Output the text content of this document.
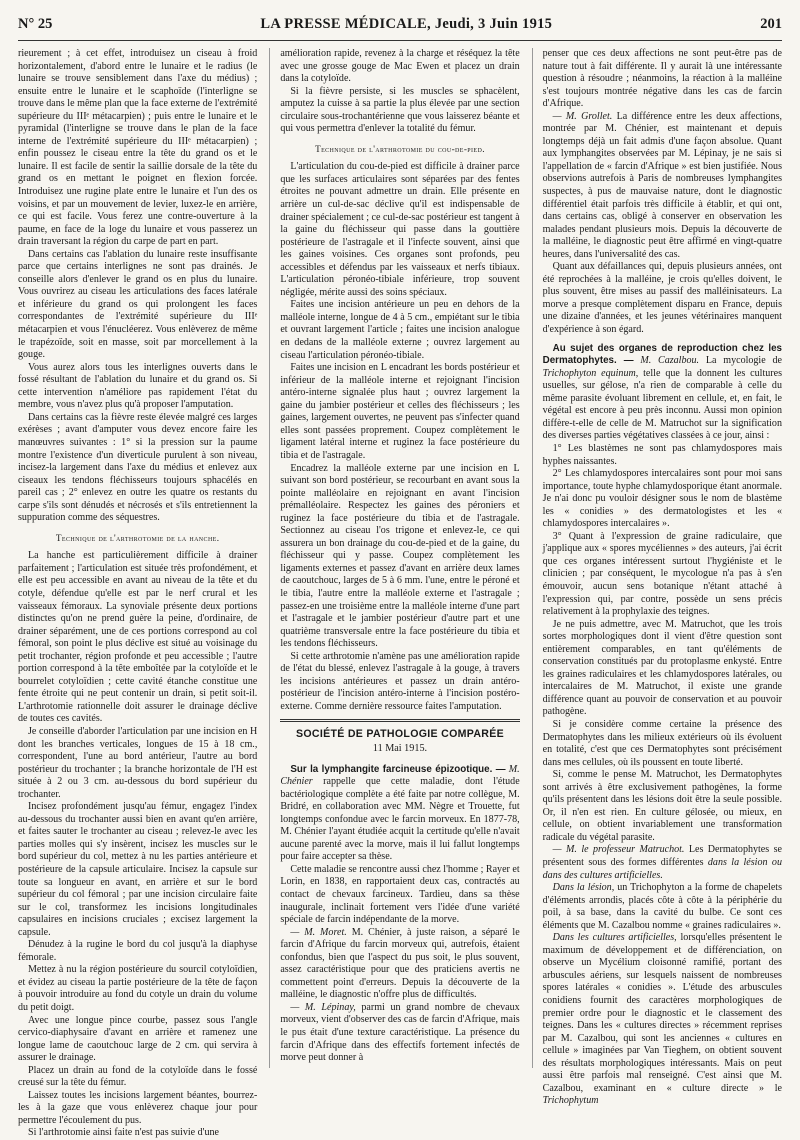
N° 25	LA PRESSE MÉDICALE, Jeudi, 3 Juin 1915	201

rieurement ; à cet effet, introduisez un ciseau à froid horizontalement, d'abord entre le lunaire et le radius (le lunaire se trouve sensiblement dans l'axe du médius) ; ensuite entre le lunaire et le scaphoïde (l'interligne se trouve dans le même plan que la face externe de l'extrémité supérieure du IIIᵉ métacarpien) ; puis entre le lunaire et le pyramidal (l'interligne se trouve dans le plan de la face interne de l'extrémité supérieure du IIIᵉ métacarpien) ; enfin poussez le ciseau entre la tête du grand os et le lunaire. Il est facile de sentir la saillie dorsale de la tête du grand os en mettant le poignet en flexion forcée. Introduisez une rugine plate entre le lunaire et l'un des os voisins, et par un mouvement de levier, luxez-le en arrière, ce qui est facile. Vous ferez une contre-ouverture à la paume, en face de la loge du lunaire et vous passerez un drain traversant la région du carpe de part en part.

Dans certains cas l'ablation du lunaire reste insuffisante parce que certains interlignes ne sont pas drainés. Je conseille alors d'enlever le grand os en plus du lunaire. Vous ouvrirez au ciseau les articulations des faces latérale et inférieure du grand os qui prolongent les faces correspondantes de l'extrémité supérieure du IIIᵉ métacarpien et vous l'énucléerez. Vous enlèverez de même le trapézoïde, soit en masse, soit par morcellement à la gouge.

Vous aurez alors tous les interlignes ouverts dans le fossé résultant de l'ablation du lunaire et du grand os. Si cette intervention n'améliore pas rapidement l'état du membre, vous n'avez plus qu'à proposer l'amputation.

Dans certains cas la fièvre reste élevée malgré ces larges exérèses ; avant d'amputer vous devez encore faire les manœuvres suivantes : 1° si la pression sur la paume montre l'existence d'un diverticule purulent à son niveau, incisez-la largement dans l'axe du médius et enlevez aux ciseaux les tendons fléchisseurs toujours sphacélés en pareil cas ; 2° enlevez en outre les quatre os restants du carpe s'ils sont dénudés et nécrosés et s'ils entretiennent la suppuration comme des séquestres.

Technique de l'arthrotomie de la hanche.

La hanche est particulièrement difficile à drainer parfaitement ; l'articulation est située très profondément, et elle est peu accessible en avant au niveau de la tête et du cotyle, défendue qu'elle est par le nerf crural et les vaisseaux fémoraux. La synoviale présente deux portions distinctes qu'on ne prend guère la peine, d'ordinaire, de drainer séparément, une de ces portions correspond au col fémoral, son point le plus déclive est situé au voisinage du petit trochanter, région profonde et peu accessible ; l'autre portion correspond à la tête emboîtée par la cotyloïde et le bourrelet cotyloïdien ; cette cavité étanche constitue une fente étroite qui ne peut contenir un drain, si petit soit-il. L'arthrotomie rationnelle doit assurer le drainage déclive de toutes ces cavités.

Je conseille d'aborder l'articulation par une incision en H dont les branches verticales, longues de 15 à 18 cm., correspondent, l'une au bord antérieur, l'autre au bord postérieur du trochanter ; la branche horizontale de l'H est située à 2 ou 3 cm. au-dessous du bord supérieur du trochanter.

Incisez profondément jusqu'au fémur, engagez l'index au-dessous du trochanter aussi bien en avant qu'en arrière, et faites sauter le trochanter au ciseau ; relevez-le avec les parties molles qui s'y insèrent, incisez les muscles sur le bord supérieur du col, mettez à nu les parties antérieure et postérieure de la capsule articulaire. Incisez la capsule sur toute sa longueur en avant, en arrière et sur le bord supérieur du col fémoral ; par une incision circulaire faite sur le col, transformez les incisions longitudinales capsulaires en incisions cruciales ; excisez largement la capsule.

Dénudez à la rugine le bord du col jusqu'à la diaphyse fémorale.

Mettez à nu la région postérieure du sourcil cotyloïdien, et évidez au ciseau la partie postérieure de la tête de façon à pouvoir introduire au fond du cotyle un drain du volume du petit doigt.

Avec une longue pince courbe, passez sous l'angle cervico-diaphysaire d'avant en arrière et ramenez une longue lame de caoutchouc large de 2 cm. qui servira à assurer le drainage.

Placez un drain au fond de la cotyloïde dans le fossé creusé sur la tête du fémur.

Laissez toutes les incisions largement béantes, bourrez-les à la gaze que vous enlèverez chaque jour pour permettre l'écoulement du pus.

Si l'arthrotomie ainsi faite n'est pas suivie d'une

amélioration rapide, revenez à la charge et réséquez la tête avec une grosse gouge de Mac Ewen et placez un drain dans la cotyloïde.

Si la fièvre persiste, si les muscles se sphacèlent, amputez la cuisse à sa partie la plus élevée par une section circulaire sous-trochantérienne que vous laisserez béante et qui vous permettra d'enlever la totalité du fémur.

Technique de l'arthrotomie du cou-de-pied.

L'articulation du cou-de-pied est difficile à drainer parce que les surfaces articulaires sont séparées par des fentes étroites ne pouvant admettre un drain. Elle présente en arrière un cul-de-sac déclive qu'il est indispensable de drainer spécialement ; ce cul-de-sac postérieur est tangent à la gaine du fléchisseur qui passe dans la gouttière postérieure de l'astragale et il l'infecte souvent, ainsi que les gaines voisines. Ces organes sont profonds, peu accessibles et défendus par les vaisseaux et nerfs tibiaux. L'articulation péronéo-tibiale inférieure, trop souvent négligée, mérite aussi des soins spéciaux.

Faites une incision antérieure un peu en dehors de la malléole interne, longue de 4 à 5 cm., empiétant sur le tibia et ouvrant largement l'article ; faites une incision analogue en dedans de la malléole externe ; ouvrez largement au ciseau l'articulation péronéo-tibiale.

Faites une incision en L encadrant les bords postérieur et inférieur de la malléole interne et rejoignant l'incision antéro-interne signalée plus haut ; ouvrez largement la gaine du jambier postérieur et celles des fléchisseurs ; les gaines, largement ouvertes, ne peuvent pas s'infecter quand elles sont passées proprement. Coupez complètement le ligament latéral interne et ruginez la face postérieure du tibia et de l'astragale.

Encadrez la malléole externe par une incision en L suivant son bord postérieur, se recourbant en avant sous la pointe malléolaire en rejoignant en avant l'incision prémalléolaire. Respectez les gaines des péroniers et ruginez la face postérieure du tibia et de l'astragale. Sectionnez au ciseau l'os trigone et enlevez-le, ce qui assurera un bon drainage du cou-de-pied et de la gaine, du fléchisseur qui y passe. Coupez complètement les ligaments externes et passez d'avant en arrière deux lames de caoutchouc, larges de 5 à 6 mm. l'une, entre le péroné et le tibia, l'autre entre la malléole externe et l'astragale ; passez-en une troisième entre la malléole interne d'une part et l'astragale et le jambier postérieur d'autre part et une quatrième transversale entre la face postérieure du tibia et les tendons fléchisseurs.

Si cette arthrotomie n'amène pas une amélioration rapide de l'état du blessé, enlevez l'astragale à la gouge, à travers les incisions antérieures et passez un drain antéro-postérieur de l'incision antéro-interne à l'incision postéro-externe. Comme dernière ressource faites l'amputation.

SOCIÉTÉ DE PATHOLOGIE COMPARÉE
11 Mai 1915.

Sur la lymphangite farcineuse épizootique. — M. Chénier rappelle que cette maladie, dont l'étude bactériologique complète a été faite par notre collègue, M. Bridré, en collaboration avec MM. Nègre et Trouette, fut longtemps confondue avec le farcin morveux. En 1877-78, M. Chénier l'ayant étudiée acquit la certitude qu'elle n'avait aucune parenté avec la morve, mais il lui fallut longtemps pour faire accepter sa thèse.

Cette maladie se rencontre aussi chez l'homme ; Rayer et Lorin, en 1838, en rapportaient deux cas, contractés au contact de chevaux farcineux. Tardieu, dans sa thèse inaugurale, inclinait fortement vers l'idée d'une variété spéciale de farcin indépendante de la morve.

— M. Moret. M. Chénier, à juste raison, a séparé le farcin d'Afrique du farcin morveux qui, autrefois, étaient confondus, bien que l'aspect du pus soit, le plus souvent, assez caractéristique pour que des praticiens avertis ne commettent point d'erreurs. Depuis la découverte de la malléine, le diagnostic n'offre plus de difficultés.

— M. Lépinay, parmi un grand nombre de chevaux morveux, vient d'observer des cas de farcin d'Afrique, mais le pus était d'une texture caractéristique. La présence du farcin d'Afrique dans des effectifs fortement infectés de morve peut donner à

penser que ces deux affections ne sont peut-être pas de nature tout à fait différente. Il y aurait là une intéressante question à résoudre ; néanmoins, la réaction à la malléine s'est toujours montrée négative dans les cas de farcin d'Afrique.

— M. Grollet. La différence entre les deux affections, montrée par M. Chénier, est maintenant et depuis longtemps déjà un fait admis d'une façon absolue. Quant aux lymphangites observées par M. Lépinay, je ne sais si l'appellation de « farcin d'Afrique » est bien justifiée. Nous observions autrefois à Paris de nombreuses lymphangites suspectes, à pus de mauvaise nature, dont le diagnostic différentiel était parfois très difficile à établir, et qui ont, dans certains cas, obligé à conserver en observation les malades pendant plusieurs mois. Depuis la découverte de la malléine, le diagnostic peut être affirmé en vingt-quatre heures, dans l'universalité des cas.

Quant aux défaillances qui, depuis plusieurs années, ont été reprochées à la malléine, je crois qu'elles doivent, le plus souvent, être mises au passif des malléinisateurs. La morve a presque complètement disparu en France, depuis une dizaine d'années, et les jeunes vétérinaires manquent d'expérience à son égard.

Au sujet des organes de reproduction chez les Dermatophytes. — M. Cazalbou. La mycologie de Trichophyton equinum, telle que la donnent les cultures usuelles, sur gélose, n'a rien de comparable à celle du même parasite évoluant librement en cellule, et, en fait, le végétal est encore à peu près inconnu. Aussi mon opinion diffère-t-elle de celle de M. Matruchot sur la signification des diverses parties végétatives classées à ce jour, ainsi :

1° Les blastèmes ne sont pas chlamydospores mais hyphes naissantes.

2° Les chlamydospores intercalaires sont pour moi sans importance, toute hyphe chlamydosporique étant anormale. Je n'ai donc pu vouloir désigner sous le nom de blastème les « conidies » des dermatologistes et les « chlamydospores intercalaires ».

3° Quant à l'expression de graine radiculaire, que j'applique aux « spores mycéliennes » des auteurs, j'ai écrit que ces organes intéressent surtout l'hygiéniste et le clinicien ; par conséquent, le mycologue n'a pas à s'en émouvoir, aucun sens botanique n'étant attaché à l'expression qui, par contre, possède un sens précis relativement à la prophylaxie des teignes.

Je ne puis admettre, avec M. Matruchot, que les trois sortes morphologiques dont il vient d'être question sont entièrement comparables, en tant qu'éléments de conservation constitués par du protoplasme enkysté. Entre les graines radiculaires et les chlamydospores latérales, ou intercalaires de M. Matruchot, il existe une grande différence quant au pouvoir de conservation et au pouvoir pathogène.

Si je considère comme certaine la présence des Dermatophytes dans les milieux extérieurs où ils évoluent en totalité, c'est que ces Dermatophytes sont précisément dans mes cellules, où ils poussent en toute liberté.

Si, comme le pense M. Matruchot, les Dermatophytes sont arrivés à être exclusivement pathogènes, la forme qu'ils présentent dans les lésions doit être la seule possible. Or, il n'en est rien. En culture gélosée, ou mieux, en cellule, on obtient invariablement une transformation radicale du végétal parasite.

— M. le professeur Matruchot. Les Dermatophytes se présentent sous des formes différentes dans la lésion ou dans des cultures artificielles.

Dans la lésion, un Trichophyton a la forme de chapelets d'éléments arrondis, placés côte à côte à la périphérie du poil, à sa base, dans la cavité du bulbe. Ce sont ces éléments que M. Cazalbou nomme « graines radiculaires ».

Dans les cultures artificielles, lorsqu'elles présentent le maximum de développement et de différenciation, on observe un Mycélium cloisonné ramifié, portant des arbuscules aériens, sur lesquels naissent de nombreuses spores latérales « conidies ». L'étude des arbuscules conidiens fournit des caractères morphologiques de premier ordre pour le diagnostic et le classement des teignes. Dans les « cultures directes » récemment reprises par M. Cazalbou, qui sont les anciennes « cultures en cellule » imaginées par Van Tieghem, on obtient souvent des résultats morphologiques intéressants. Mais on peut aussi être parfois mal renseigné. C'est ainsi que M. Cazalbou, examinant en « culture directe » le Trichophytum
